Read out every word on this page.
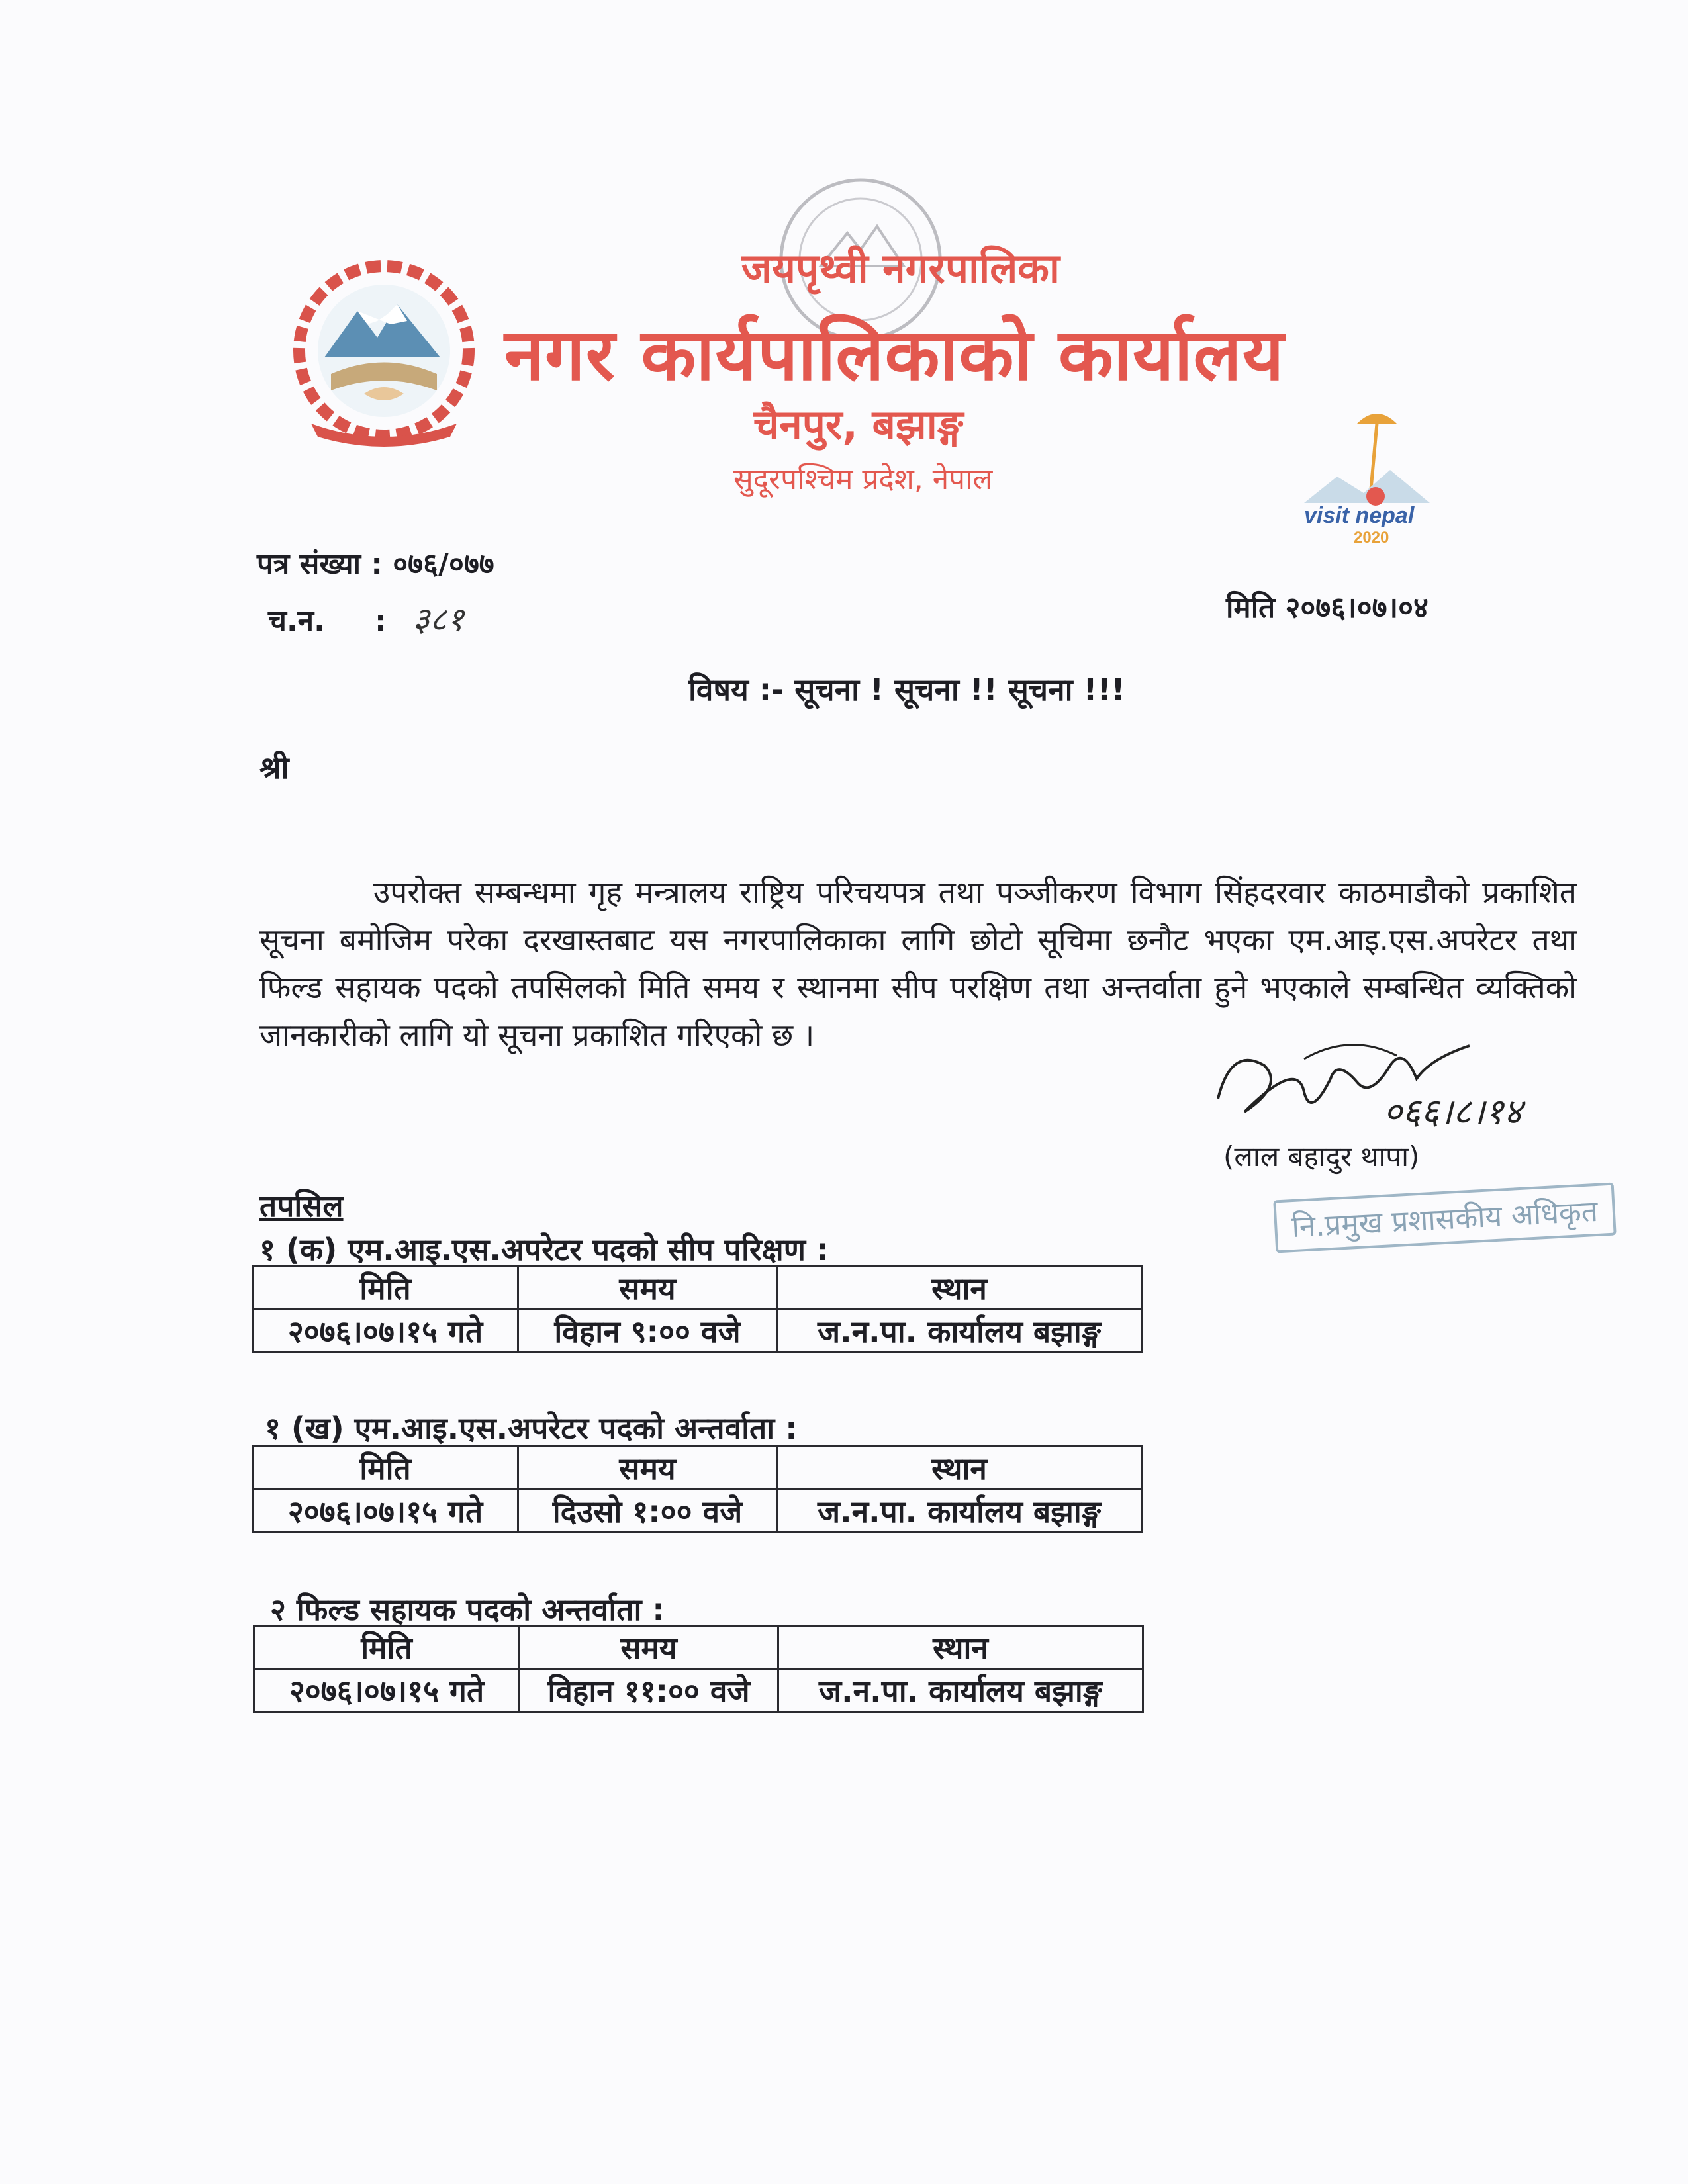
जयपृथ्वी नगरपालिका
नगर कार्यपालिकाको कार्यालय
चैनपुर, बझाङ्ग
सुदूरपश्चिम प्रदेश, नेपाल
visit nepal
2020
पत्र संख्या : ०७६/०७७
च.न. : ३८१	मिति २०७६।०७।०४
विषय :- सूचना ! सूचना !! सूचना !!!
श्री
उपरोक्त सम्बन्धमा गृह मन्त्रालय राष्ट्रिय परिचयपत्र तथा पञ्जीकरण विभाग सिंहदरवार काठमाडौको प्रकाशित सूचना बमोजिम परेका दरखास्तबाट यस नगरपालिकाका लागि छोटो सूचिमा छनौट भएका एम.आइ.एस.अपरेटर तथा फिल्ड सहायक पदको तपसिलको मिति समय र स्थानमा सीप परक्षिण तथा अन्तर्वाता हुने भएकाले सम्बन्धित व्यक्तिको जानकारीको लागि यो सूचना प्रकाशित गरिएको छ ।
०६६।८।१४
(लाल बहादुर थापा)
नि.प्रमुख प्रशासकीय अधिकृत
तपसिल
१ (क) एम.आइ.एस.अपरेटर पदको सीप परिक्षण :
मिति	समय	स्थान
२०७६।०७।१५ गते	विहान ९:०० वजे	ज.न.पा. कार्यालय बझाङ्ग
१ (ख) एम.आइ.एस.अपरेटर पदको अन्तर्वाता :
मिति	समय	स्थान
२०७६।०७।१५ गते	दिउसो १:०० वजे	ज.न.पा. कार्यालय बझाङ्ग
२ फिल्ड सहायक पदको अन्तर्वाता :
मिति	समय	स्थान
२०७६।०७।१५ गते	विहान ११:०० वजे	ज.न.पा. कार्यालय बझाङ्ग
